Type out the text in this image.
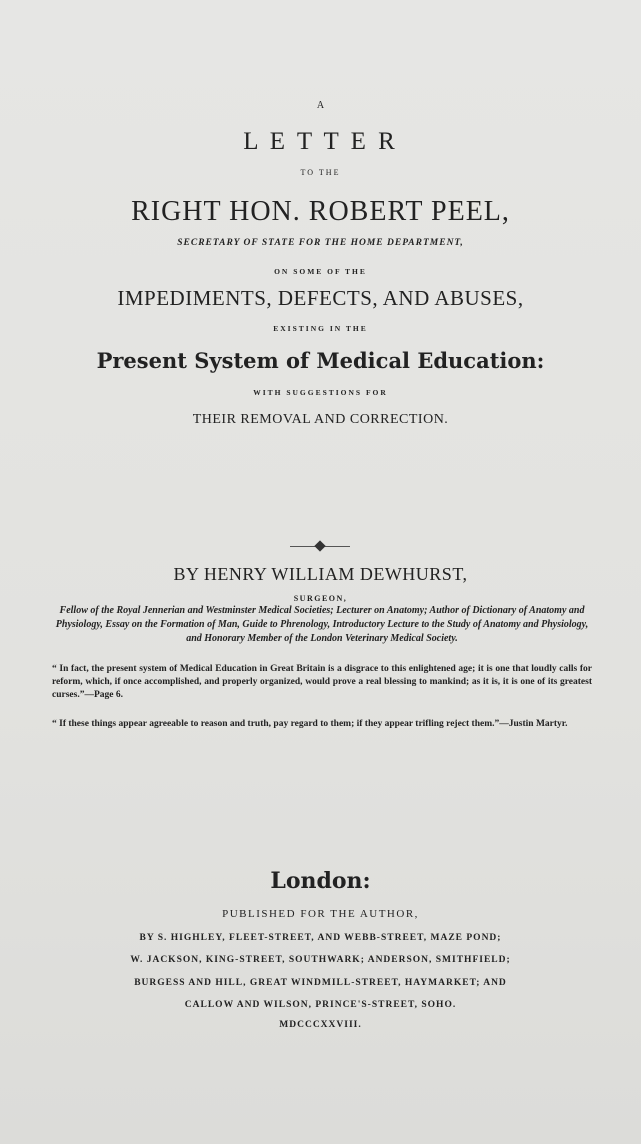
A
L E T T E R
TO THE
RIGHT HON. ROBERT PEEL,
SECRETARY OF STATE FOR THE HOME DEPARTMENT,
ON SOME OF THE
IMPEDIMENTS, DEFECTS, AND ABUSES,
EXISTING IN THE
Present System of Medical Education:
WITH SUGGESTIONS FOR
THEIR REMOVAL AND CORRECTION.
BY HENRY WILLIAM DEWHURST,
SURGEON,
Fellow of the Royal Jennerian and Westminster Medical Societies; Lecturer on Anatomy; Author of Dictionary of Anatomy and Physiology, Essay on the Formation of Man, Guide to Phrenology, Introductory Lecture to the Study of Anatomy and Physiology, and Honorary Member of the London Veterinary Medical Society.
“ In fact, the present system of Medical Education in Great Britain is a disgrace to this enlightened age; it is one that loudly calls for reform, which, if once accomplished, and properly organized, would prove a real blessing to mankind; as it is, it is one of its greatest curses.”—Page 6.
“ If these things appear agreeable to reason and truth, pay regard to them; if they appear trifling reject them.”—Justin Martyr.
London:
PUBLISHED FOR THE AUTHOR,
BY S. HIGHLEY, FLEET-STREET, AND WEBB-STREET, MAZE POND;
W. JACKSON, KING-STREET, SOUTHWARK; ANDERSON, SMITHFIELD;
BURGESS AND HILL, GREAT WINDMILL-STREET, HAYMARKET; AND
CALLOW AND WILSON, PRINCE'S-STREET, SOHO.
MDCCCXXVIII.
